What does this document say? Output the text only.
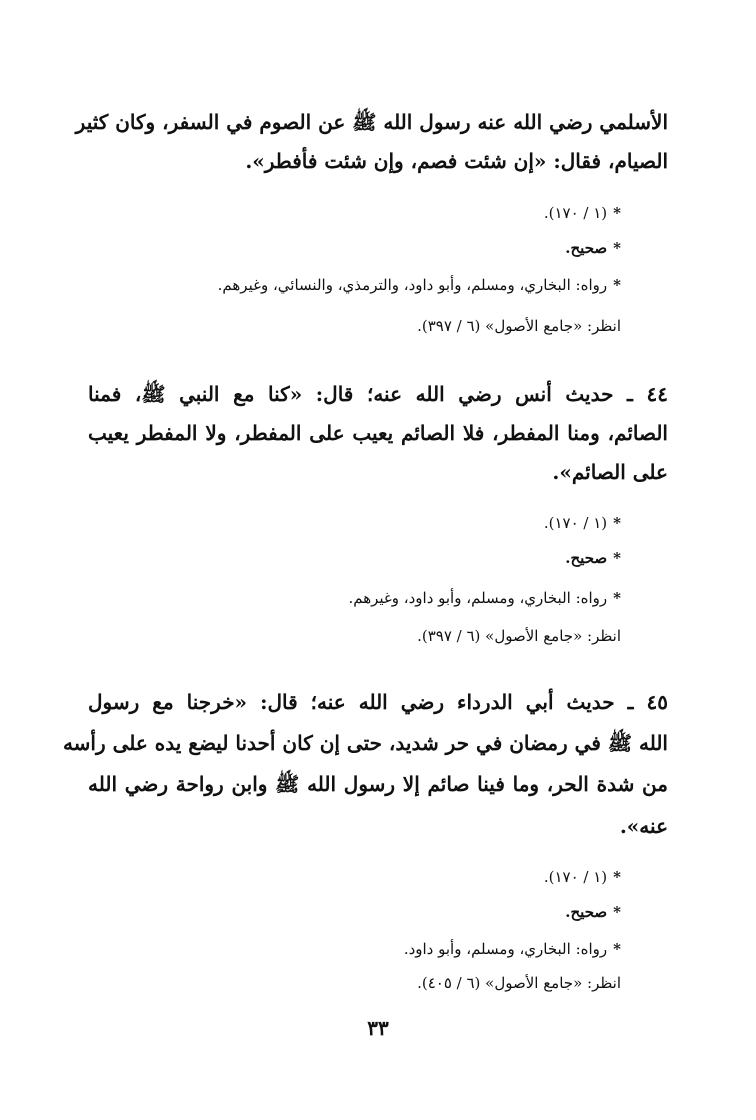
الأسلمي رضي الله عنه رسول الله ﷺ عن الصوم في السفر، وكان كثير
الصيام، فقال: «إن شئت فصم، وإن شئت فأفطر».
*(١ / ١٧٠).
*صحيح.
*رواه: البخاري، ومسلم، وأبو داود، والترمذي، والنسائي، وغيرهم.
انظر: «جامع الأصول» (٦ / ٣٩٧).
٤٤ ـ حديث أنس رضي الله عنه؛ قال: «كنا مع النبي ﷺ، فمنا
الصائم، ومنا المفطر، فلا الصائم يعيب على المفطر، ولا المفطر يعيب
على الصائم».
*(١ / ١٧٠).
*صحيح.
*رواه: البخاري، ومسلم، وأبو داود، وغيرهم.
انظر: «جامع الأصول» (٦ / ٣٩٧).
٤٥ ـ حديث أبي الدرداء رضي الله عنه؛ قال: «خرجنا مع رسول
الله ﷺ في رمضان في حر شديد، حتى إن كان أحدنا ليضع يده على رأسه
من شدة الحر، وما فينا صائم إلا رسول الله ﷺ وابن رواحة رضي الله
عنه».
*(١ / ١٧٠).
*صحيح.
*رواه: البخاري، ومسلم، وأبو داود.
انظر: «جامع الأصول» (٦ / ٤٠٥).
٣٣
